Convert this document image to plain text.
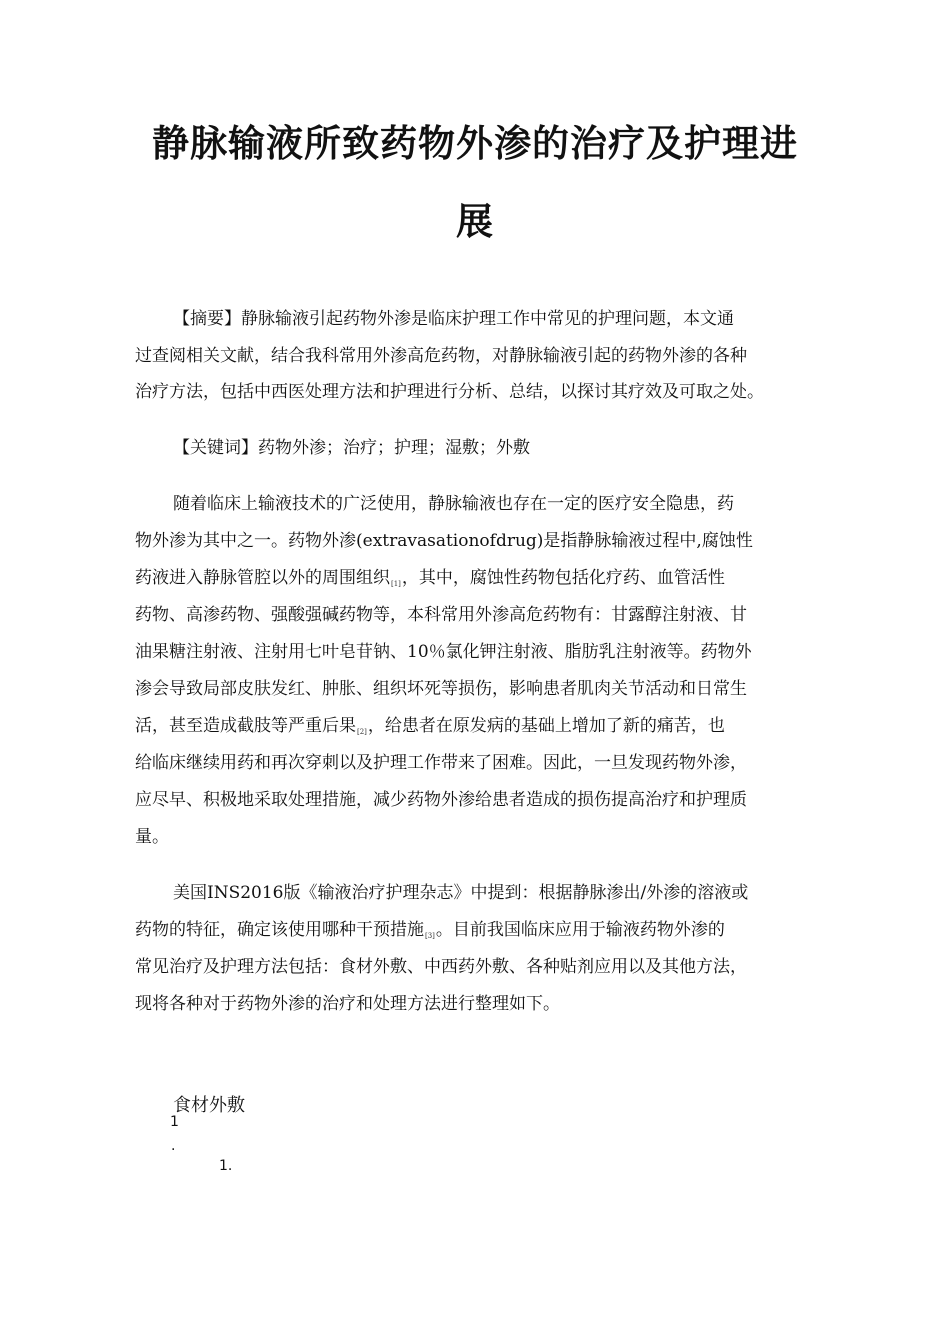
静脉输液所致药物外渗的治疗及护理进
展
【摘要】静脉输液引起药物外渗是临床护理工作中常见的护理问题，本文通
过查阅相关文献，结合我科常用外渗高危药物，对静脉输液引起的药物外渗的各种
治疗方法，包括中西医处理方法和护理进行分析、总结，以探讨其疗效及可取之处。
【关键词】药物外渗；治疗；护理；湿敷；外敷
随着临床上输液技术的广泛使用，静脉输液也存在一定的医疗安全隐患，药
物外渗为其中之一。药物外渗(extravasationofdrug)是指静脉输液过程中,腐蚀性
药液进入静脉管腔以外的周围组织[1]，其中，腐蚀性药物包括化疗药、血管活性
药物、高渗药物、强酸强碱药物等，本科常用外渗高危药物有：甘露醇注射液、甘
油果糖注射液、注射用七叶皂苷钠、10％氯化钾注射液、脂肪乳注射液等。药物外
渗会导致局部皮肤发红、肿胀、组织坏死等损伤，影响患者肌肉关节活动和日常生
活，甚至造成截肢等严重后果[2]，给患者在原发病的基础上增加了新的痛苦，也
给临床继续用药和再次穿刺以及护理工作带来了困难。因此，一旦发现药物外渗，
应尽早、积极地采取处理措施，减少药物外渗给患者造成的损伤提高治疗和护理质
量。
美国INS2016版《输液治疗护理杂志》中提到：根据静脉渗出/外渗的溶液或
药物的特征，确定该使用哪种干预措施[3]。目前我国临床应用于输液药物外渗的
常见治疗及护理方法包括：食材外敷、中西药外敷、各种贴剂应用以及其他方法，
现将各种对于药物外渗的治疗和处理方法进行整理如下。
食材外敷
1
.
1.
